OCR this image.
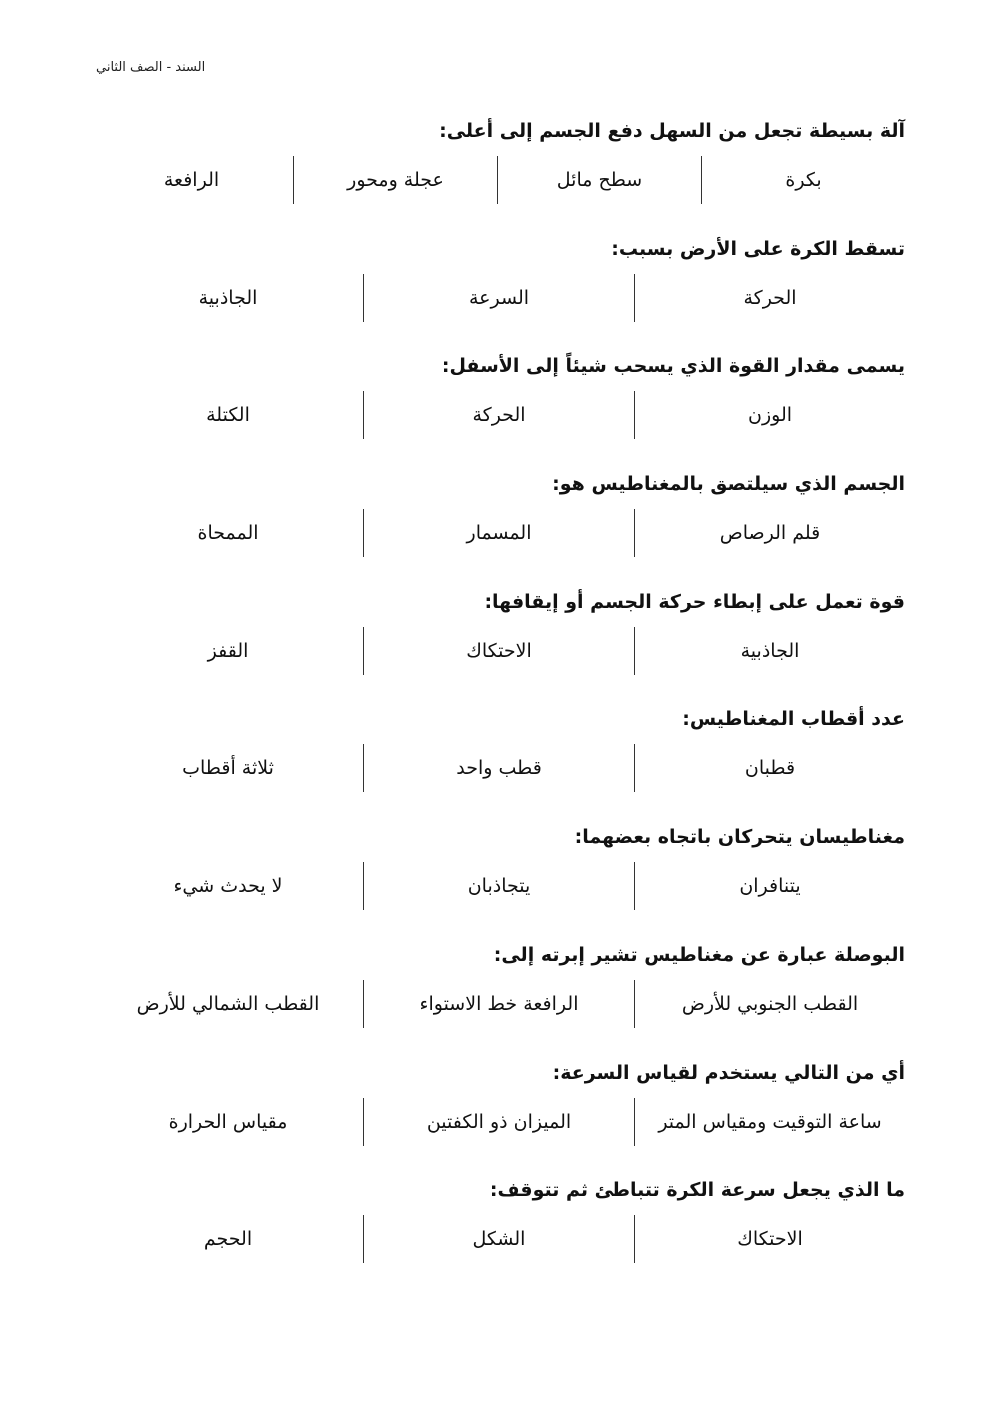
السند - الصف الثاني
آلة بسيطة تجعل من السهل دفع الجسم إلى أعلى:
بكرة
سطح مائل
عجلة ومحور
الرافعة
تسقط الكرة على الأرض بسبب:
الحركة
السرعة
الجاذبية
يسمى مقدار القوة الذي يسحب شيئاً إلى الأسفل:
الوزن
الحركة
الكتلة
الجسم الذي سيلتصق بالمغناطيس هو:
قلم الرصاص
المسمار
الممحاة
قوة تعمل على إبطاء حركة الجسم أو إيقافها:
الجاذبية
الاحتكاك
القفز
عدد أقطاب المغناطيس:
قطبان
قطب واحد
ثلاثة أقطاب
مغناطيسان يتحركان باتجاه بعضهما:
يتنافران
يتجاذبان
لا يحدث شيء
البوصلة عبارة عن مغناطيس تشير إبرته إلى:
القطب الجنوبي للأرض
الرافعة خط الاستواء
القطب الشمالي للأرض
أي من التالي يستخدم لقياس السرعة:
ساعة التوقيت ومقياس المتر
الميزان ذو الكفتين
مقياس الحرارة
ما الذي يجعل سرعة الكرة تتباطئ ثم تتوقف:
الاحتكاك
الشكل
الحجم
